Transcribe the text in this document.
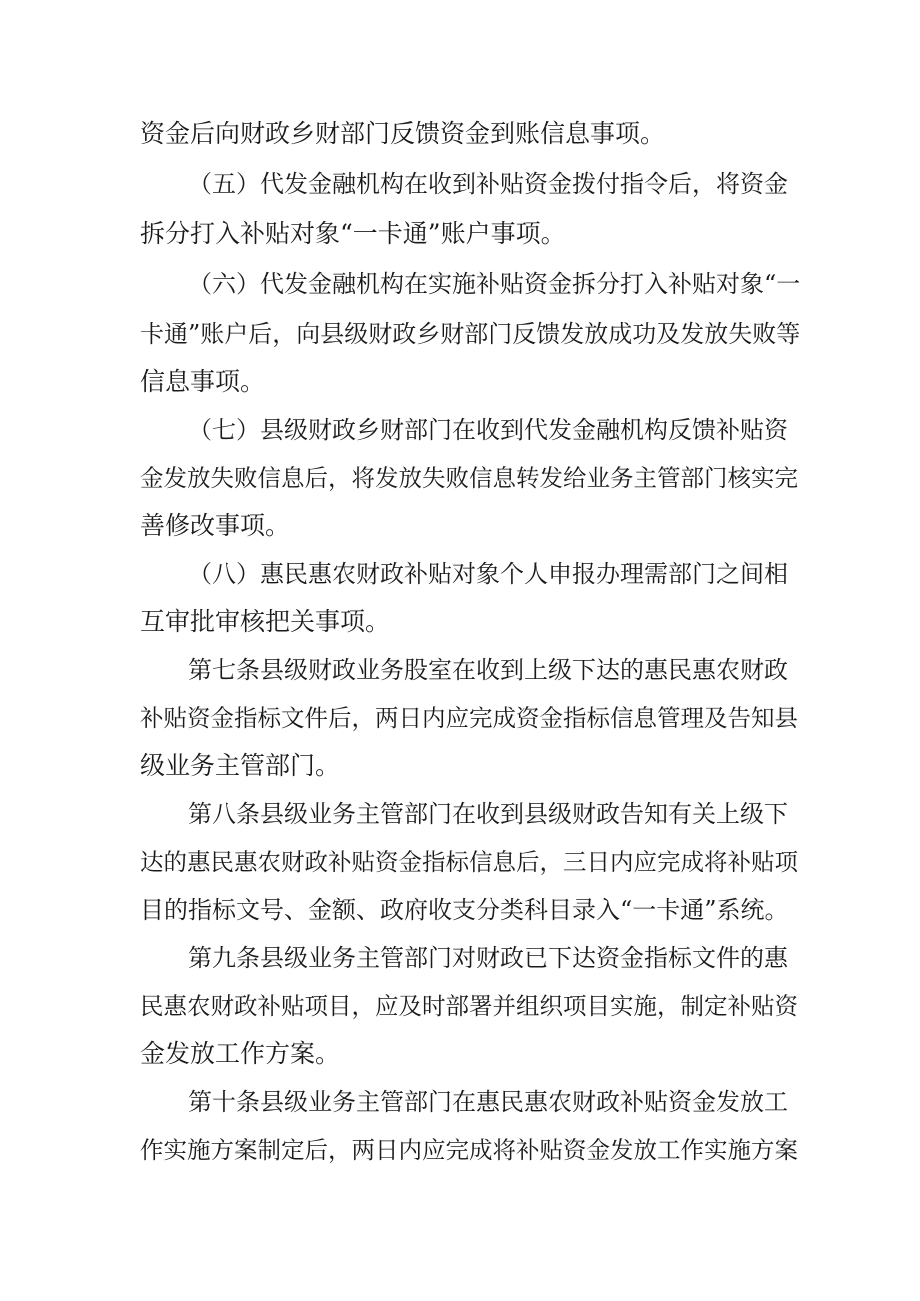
资金后向财政乡财部门反馈资金到账信息事项。
（五）代发金融机构在收到补贴资金拨付指令后，将资金
拆分打入补贴对象“一卡通”账户事项。
（六）代发金融机构在实施补贴资金拆分打入补贴对象“一
卡通”账户后，向县级财政乡财部门反馈发放成功及发放失败等
信息事项。
（七）县级财政乡财部门在收到代发金融机构反馈补贴资
金发放失败信息后，将发放失败信息转发给业务主管部门核实完
善修改事项。
（八）惠民惠农财政补贴对象个人申报办理需部门之间相
互审批审核把关事项。
第七条县级财政业务股室在收到上级下达的惠民惠农财政
补贴资金指标文件后，两日内应完成资金指标信息管理及告知县
级业务主管部门。
第八条县级业务主管部门在收到县级财政告知有关上级下
达的惠民惠农财政补贴资金指标信息后，三日内应完成将补贴项
目的指标文号、金额、政府收支分类科目录入“一卡通”系统。
第九条县级业务主管部门对财政已下达资金指标文件的惠
民惠农财政补贴项目，应及时部署并组织项目实施，制定补贴资
金发放工作方案。
第十条县级业务主管部门在惠民惠农财政补贴资金发放工
作实施方案制定后，两日内应完成将补贴资金发放工作实施方案
